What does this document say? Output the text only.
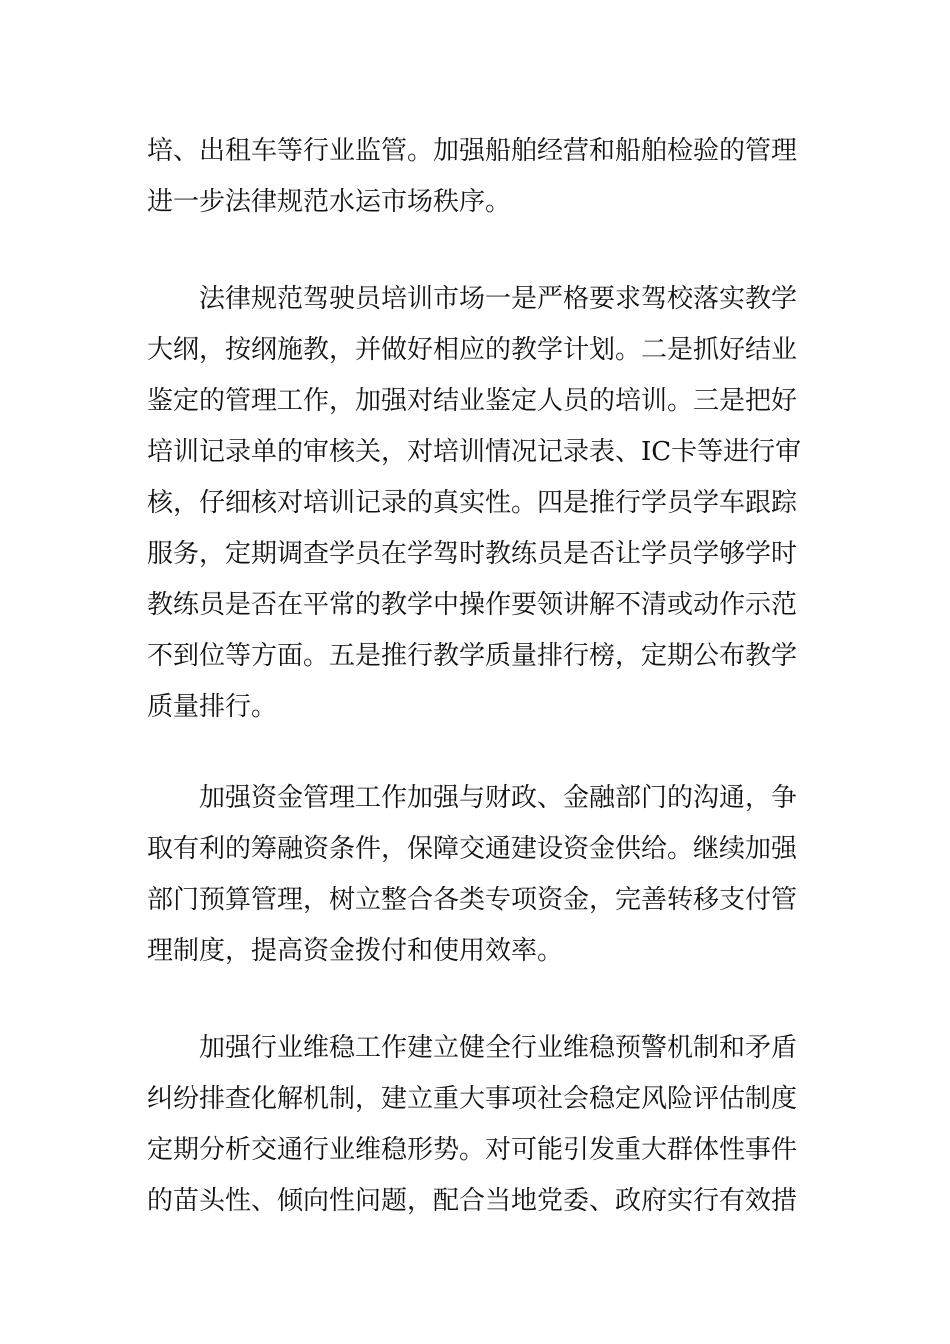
培、出租车等行业监管。加强船舶经营和船舶检验的管理
进一步法律规范水运市场秩序。
法律规范驾驶员培训市场一是严格要求驾校落实教学
大纲，按纲施教，并做好相应的教学计划。二是抓好结业
鉴定的管理工作，加强对结业鉴定人员的培训。三是把好
培训记录单的审核关，对培训情况记录表、IC卡等进行审
核，仔细核对培训记录的真实性。四是推行学员学车跟踪
服务，定期调查学员在学驾时教练员是否让学员学够学时
教练员是否在平常的教学中操作要领讲解不清或动作示范
不到位等方面。五是推行教学质量排行榜，定期公布教学
质量排行。
加强资金管理工作加强与财政、金融部门的沟通，争
取有利的筹融资条件，保障交通建设资金供给。继续加强
部门预算管理，树立整合各类专项资金，完善转移支付管
理制度，提高资金拨付和使用效率。
加强行业维稳工作建立健全行业维稳预警机制和矛盾
纠纷排查化解机制，建立重大事项社会稳定风险评估制度
定期分析交通行业维稳形势。对可能引发重大群体性事件
的苗头性、倾向性问题，配合当地党委、政府实行有效措
